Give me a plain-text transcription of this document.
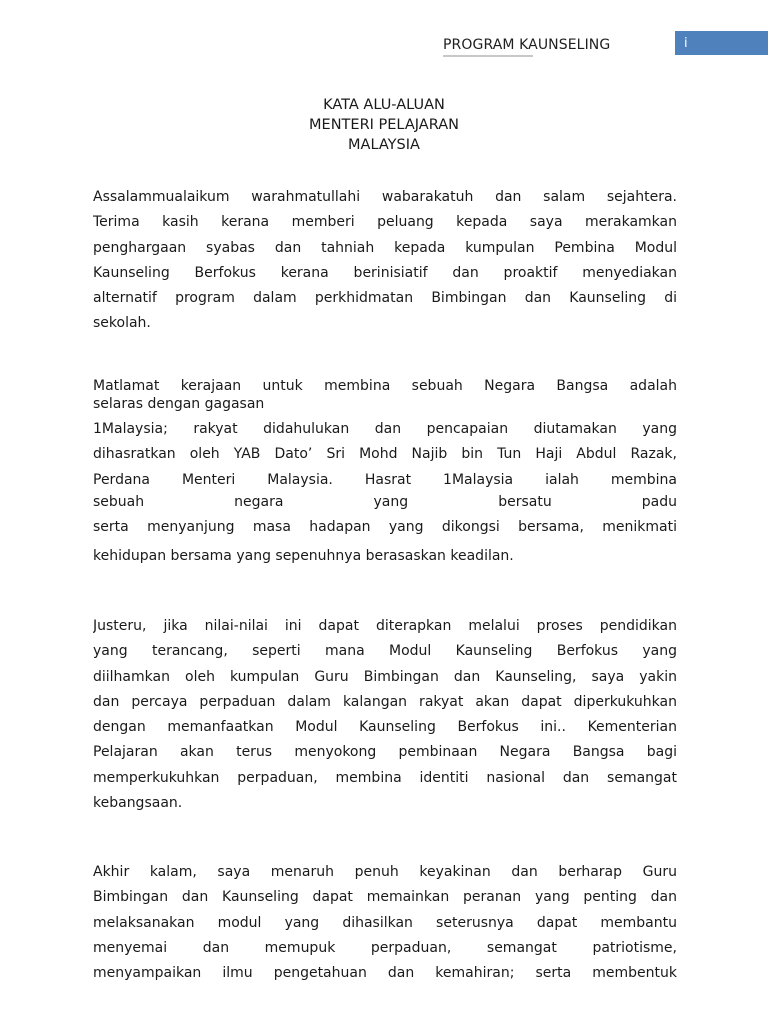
PROGRAM KAUNSELING	i
KATA ALU-ALUAN
MENTERI PELAJARAN
MALAYSIA
Assalammualaikum warahmatullahi wabarakatuh dan salam sejahtera.
Terima kasih kerana memberi peluang kepada saya merakamkan
penghargaan syabas dan tahniah kepada kumpulan Pembina Modul
Kaunseling Berfokus kerana berinisiatif dan proaktif menyediakan
alternatif program dalam perkhidmatan Bimbingan dan Kaunseling di
sekolah.
Matlamat kerajaan untuk membina sebuah Negara Bangsa adalah
selaras dengan gagasan
1Malaysia; rakyat didahulukan dan pencapaian diutamakan yang
dihasratkan oleh YAB Dato’ Sri Mohd Najib bin Tun Haji Abdul Razak,
Perdana Menteri Malaysia. Hasrat 1Malaysia ialah membina
sebuah negara yang bersatu padu
serta menyanjung masa hadapan yang dikongsi bersama, menikmati
kehidupan bersama yang sepenuhnya berasaskan keadilan.
Justeru, jika nilai-nilai ini dapat diterapkan melalui proses pendidikan
yang terancang, seperti mana Modul Kaunseling Berfokus yang
diilhamkan oleh kumpulan Guru Bimbingan dan Kaunseling, saya yakin
dan percaya perpaduan dalam kalangan rakyat akan dapat diperkukuhkan
dengan memanfaatkan Modul Kaunseling Berfokus ini.. Kementerian
Pelajaran akan terus menyokong pembinaan Negara Bangsa bagi
memperkukuhkan perpaduan, membina identiti nasional dan semangat
kebangsaan.
Akhir kalam, saya menaruh penuh keyakinan dan berharap Guru
Bimbingan dan Kaunseling dapat memainkan peranan yang penting dan
melaksanakan modul yang dihasilkan seterusnya dapat membantu
menyemai dan memupuk perpaduan, semangat patriotisme,
menyampaikan ilmu pengetahuan dan kemahiran; serta membentuk
